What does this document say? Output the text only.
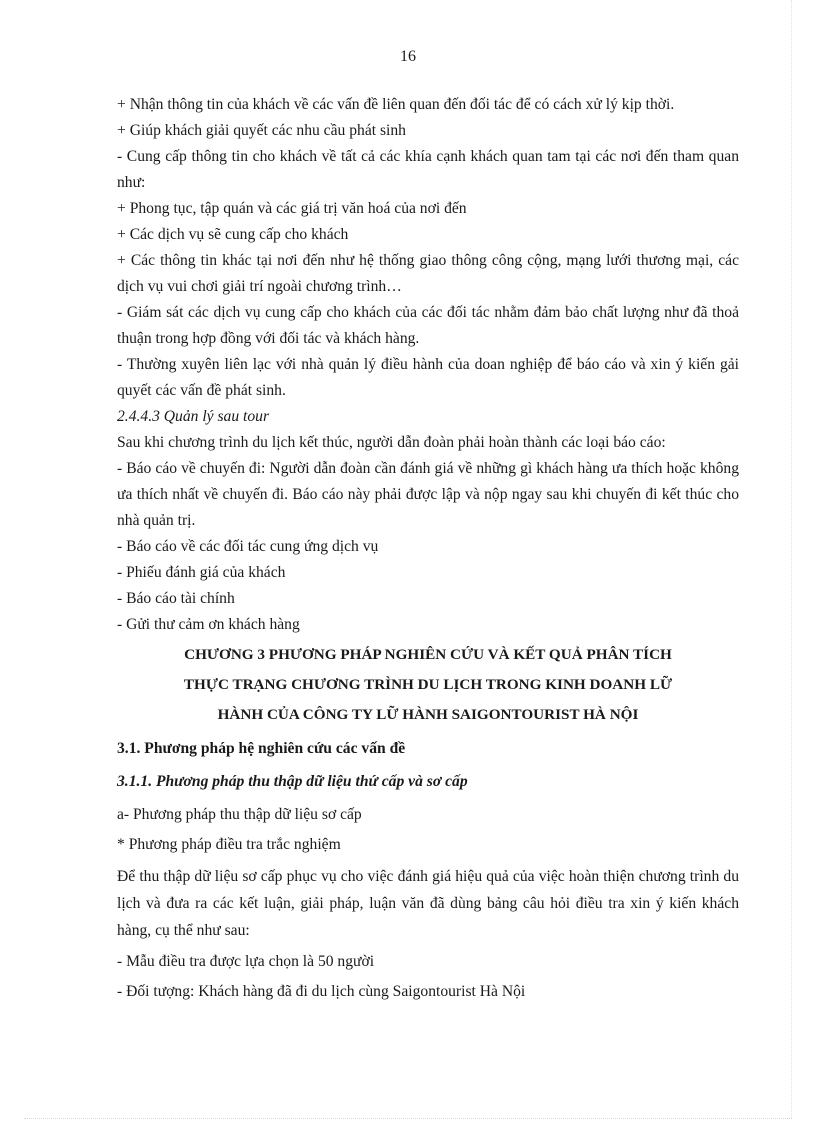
16

+ Nhận thông tin của khách về các vấn đề liên quan đến đối tác để có cách xử lý kịp thời.

+ Giúp khách giải quyết các nhu cầu phát sinh

- Cung cấp thông tin cho khách về tất cả các khía cạnh khách quan tam tại các nơi đến tham quan như:

+ Phong tục, tập quán và các giá trị văn hoá của nơi đến

+ Các dịch vụ sẽ cung cấp cho khách

+ Các thông tin khác tại nơi đến như hệ thống giao thông công cộng, mạng lưới thương mại, các dịch vụ vui chơi giải trí ngoài chương trình…

- Giám sát các dịch vụ cung cấp cho khách của các đối tác nhằm đảm bảo chất lượng như đã thoả thuận trong hợp đồng với đối tác và khách hàng.

- Thường xuyên liên lạc với nhà quản lý điều hành của doan nghiệp để báo cáo và xin ý kiến gải quyết các vấn đề phát sinh.

2.4.4.3 Quản lý sau tour

Sau khi chương trình du lịch kết thúc, người dẫn đoàn phải hoàn thành các loại báo cáo:

- Báo cáo về chuyến đi: Người dẫn đoàn cần đánh giá về những gì khách hàng ưa thích hoặc không ưa thích nhất về chuyến đi. Báo cáo này phải được lập và nộp ngay sau khi chuyến đi kết thúc cho nhà quản trị.

- Báo cáo về các đối tác cung ứng dịch vụ

- Phiếu đánh giá của khách

- Báo cáo tài chính

- Gửi thư cảm ơn khách hàng

CHƯƠNG 3 PHƯƠNG PHÁP NGHIÊN CỨU VÀ KẾT QUẢ PHÂN TÍCH
THỰC TRẠNG CHƯƠNG TRÌNH DU LỊCH TRONG KINH DOANH LỮ
HÀNH CỦA CÔNG TY LỮ HÀNH SAIGONTOURIST HÀ NỘI
3.1. Phương pháp hệ nghiên cứu các vấn đề
3.1.1. Phương pháp thu thập dữ liệu thứ cấp và sơ cấp

a- Phương pháp thu thập dữ liệu sơ cấp

* Phương pháp điều tra trắc nghiệm

Để thu thập dữ liệu sơ cấp phục vụ cho việc đánh giá hiệu quả của việc hoàn thiện chương trình du lịch và đưa ra các kết luận, giải pháp, luận văn đã dùng bảng câu hỏi điều tra xin ý kiến khách hàng, cụ thể như sau:

- Mẫu điều tra được lựa chọn là 50 người

- Đối tượng: Khách hàng đã đi du lịch cùng Saigontourist Hà Nội
